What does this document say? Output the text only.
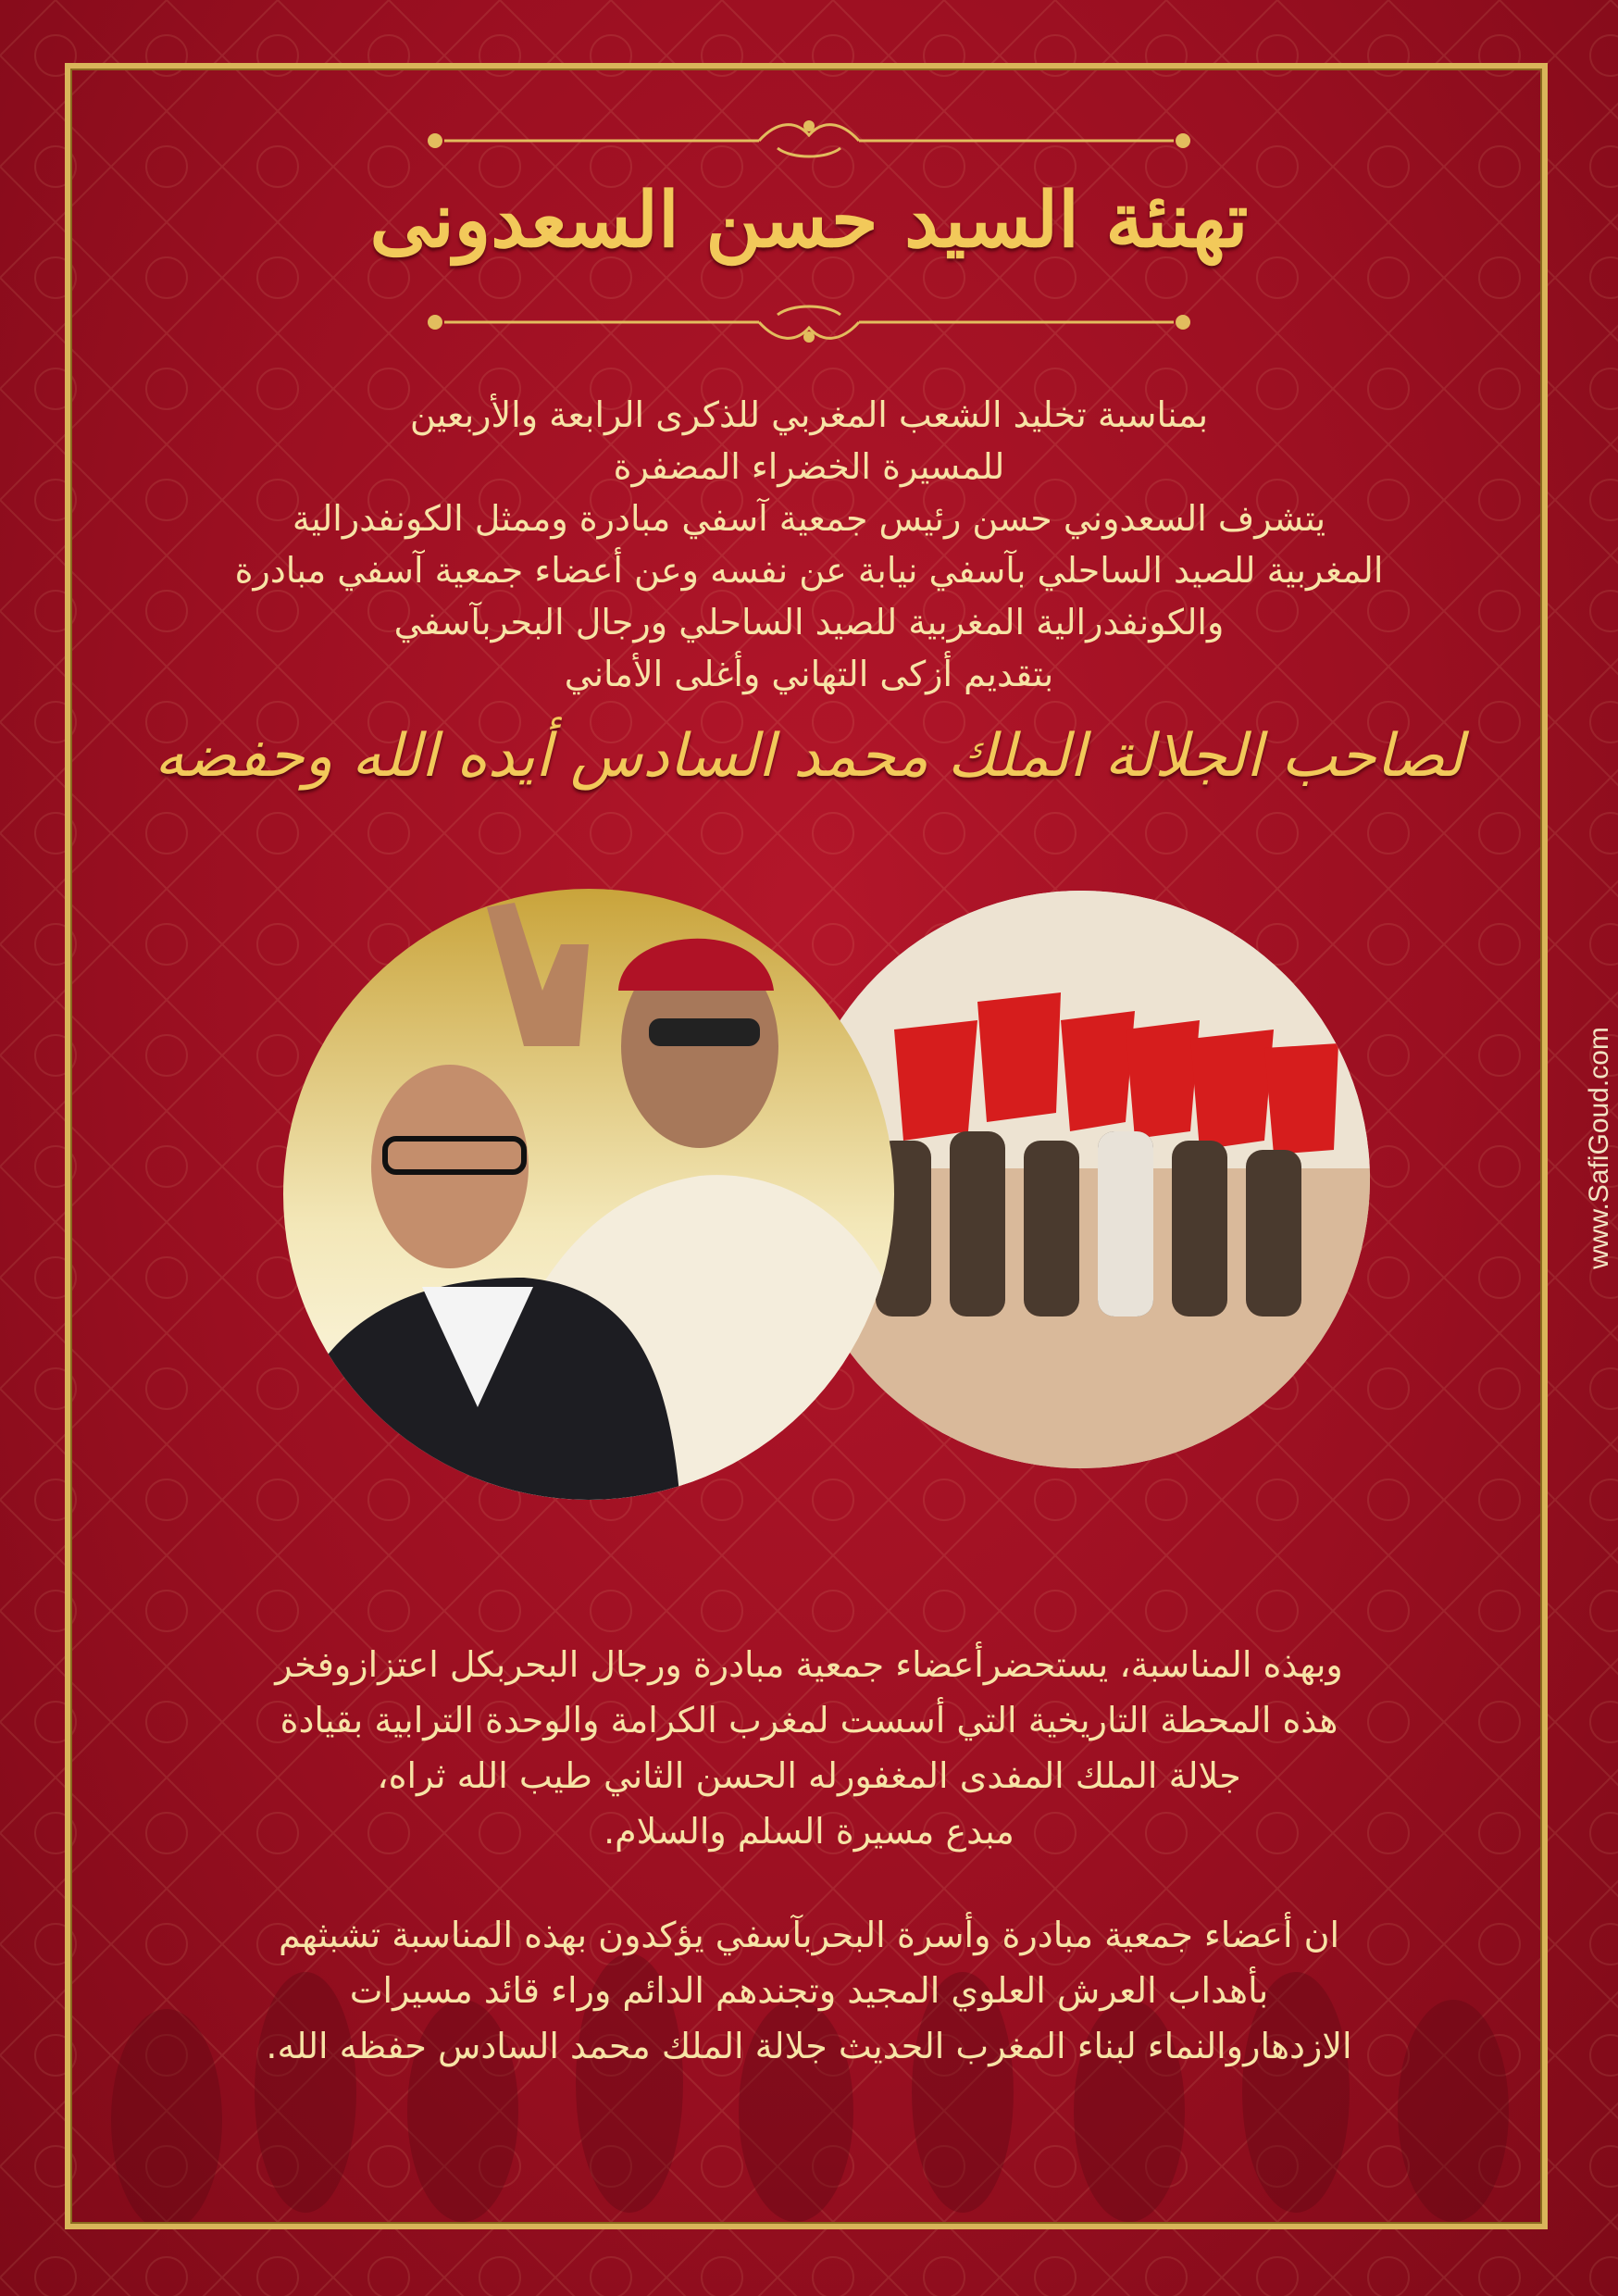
تهنئة السيد حسن السعدونى
بمناسبة تخليد الشعب المغربي للذكرى الرابعة والأربعين
للمسيرة الخضراء المضفرة
يتشرف السعدوني حسن رئيس جمعية آسفي مبادرة وممثل الكونفدرالية
المغربية للصيد الساحلي بآسفي نيابة عن نفسه وعن أعضاء جمعية آسفي مبادرة
والكونفدرالية المغربية للصيد الساحلي ورجال البحربآسفي
بتقديم أزكى التهاني وأغلى الأماني
لصاحب الجلالة الملك محمد السادس أيده الله وحفضه
وبهذه المناسبة، يستحضرأعضاء جمعية مبادرة ورجال البحربكل اعتزازوفخر
هذه المحطة التاريخية التي أسست لمغرب الكرامة والوحدة الترابية بقيادة
جلالة الملك المفدى المغفورله الحسن الثاني طيب الله ثراه،
مبدع مسيرة السلم والسلام.
ان أعضاء جمعية مبادرة وأسرة البحربآسفي يؤكدون بهذه المناسبة تشبثهم
بأهداب العرش العلوي المجيد وتجندهم الدائم وراء قائد مسيرات
الازدهاروالنماء لبناء المغرب الحديث جلالة الملك محمد السادس حفظه الله.
www.SafiGoud.com
